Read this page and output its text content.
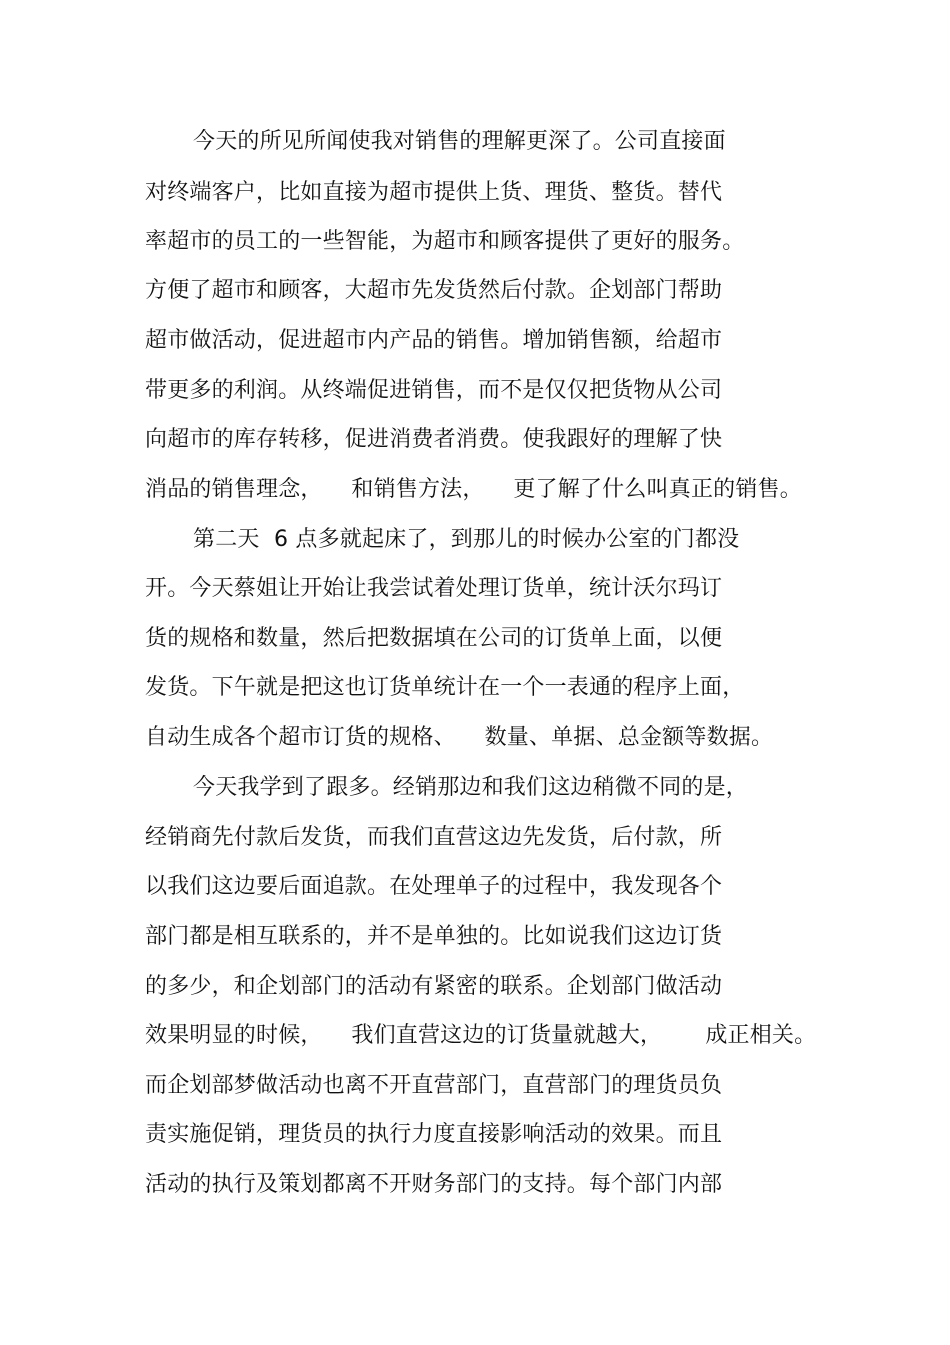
今天的所见所闻使我对销售的理解更深了。公司直接面
对终端客户，比如直接为超市提供上货、理货、整货。替代
率超市的员工的一些智能，为超市和顾客提供了更好的服务。
方便了超市和顾客，大超市先发货然后付款。企划部门帮助
超市做活动，促进超市内产品的销售。增加销售额，给超市
带更多的利润。从终端促进销售，而不是仅仅把货物从公司
向超市的库存转移，促进消费者消费。使我跟好的理解了快
消品的销售理念，    和销售方法，    更了解了什么叫真正的销售。
第二天  6 点多就起床了，到那儿的时候办公室的门都没
开。今天蔡姐让开始让我尝试着处理订货单，统计沃尔玛订
货的规格和数量，然后把数据填在公司的订货单上面，以便
发货。下午就是把这也订货单统计在一个一表通的程序上面，
自动生成各个超市订货的规格、    数量、单据、总金额等数据。
今天我学到了跟多。经销那边和我们这边稍微不同的是，
经销商先付款后发货，而我们直营这边先发货，后付款，所
以我们这边要后面追款。在处理单子的过程中，我发现各个
部门都是相互联系的，并不是单独的。比如说我们这边订货
的多少，和企划部门的活动有紧密的联系。企划部门做活动
效果明显的时候，    我们直营这边的订货量就越大，      成正相关。
而企划部梦做活动也离不开直营部门，直营部门的理货员负
责实施促销，理货员的执行力度直接影响活动的效果。而且
活动的执行及策划都离不开财务部门的支持。每个部门内部
